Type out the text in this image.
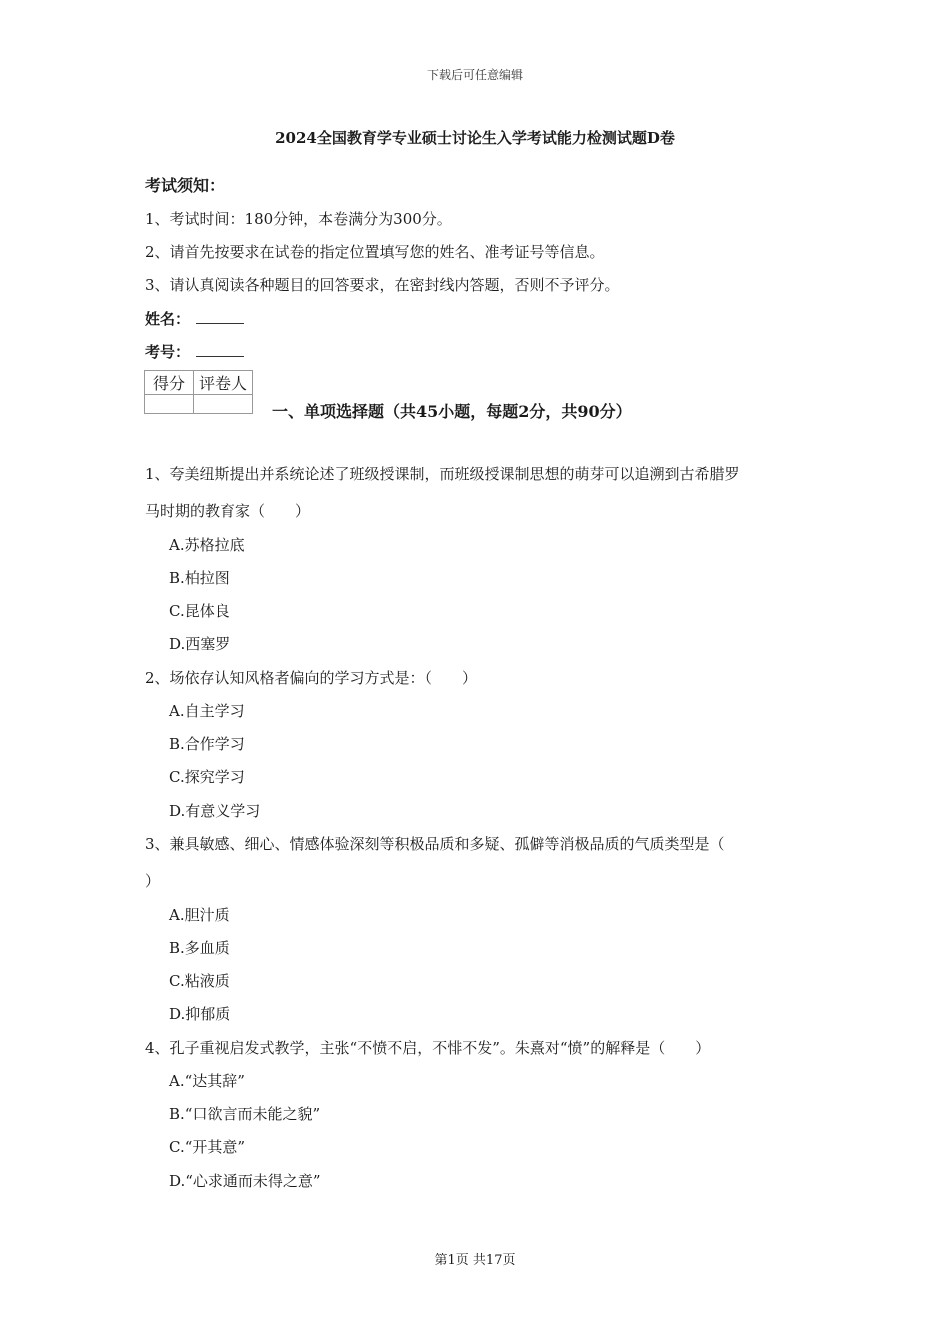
下载后可任意编辑
2024全国教育学专业硕士讨论生入学考试能力检测试题D卷
考试须知：
1、考试时间：180分钟，本卷满分为300分。
2、请首先按要求在试卷的指定位置填写您的姓名、准考证号等信息。
3、请认真阅读各种题目的回答要求，在密封线内答题，否则不予评分。
姓名：
考号：
得分	评卷人

一、单项选择题（共45小题，每题2分，共90分）
1、夸美纽斯提出并系统论述了班级授课制，而班级授课制思想的萌芽可以追溯到古希腊罗
马时期的教育家（　　）
A.苏格拉底
B.柏拉图
C.昆体良
D.西塞罗
2、场依存认知风格者偏向的学习方式是：（　　）
A.自主学习
B.合作学习
C.探究学习
D.有意义学习
3、兼具敏感、细心、情感体验深刻等积极品质和多疑、孤僻等消极品质的气质类型是（
）
A.胆汁质
B.多血质
C.粘液质
D.抑郁质
4、孔子重视启发式教学，主张“不愤不启，不悱不发”。朱熹对“愤”的解释是（　　）
A.“达其辞”
B.“口欲言而未能之貌”
C.“开其意”
D.“心求通而未得之意”
第1页 共17页
